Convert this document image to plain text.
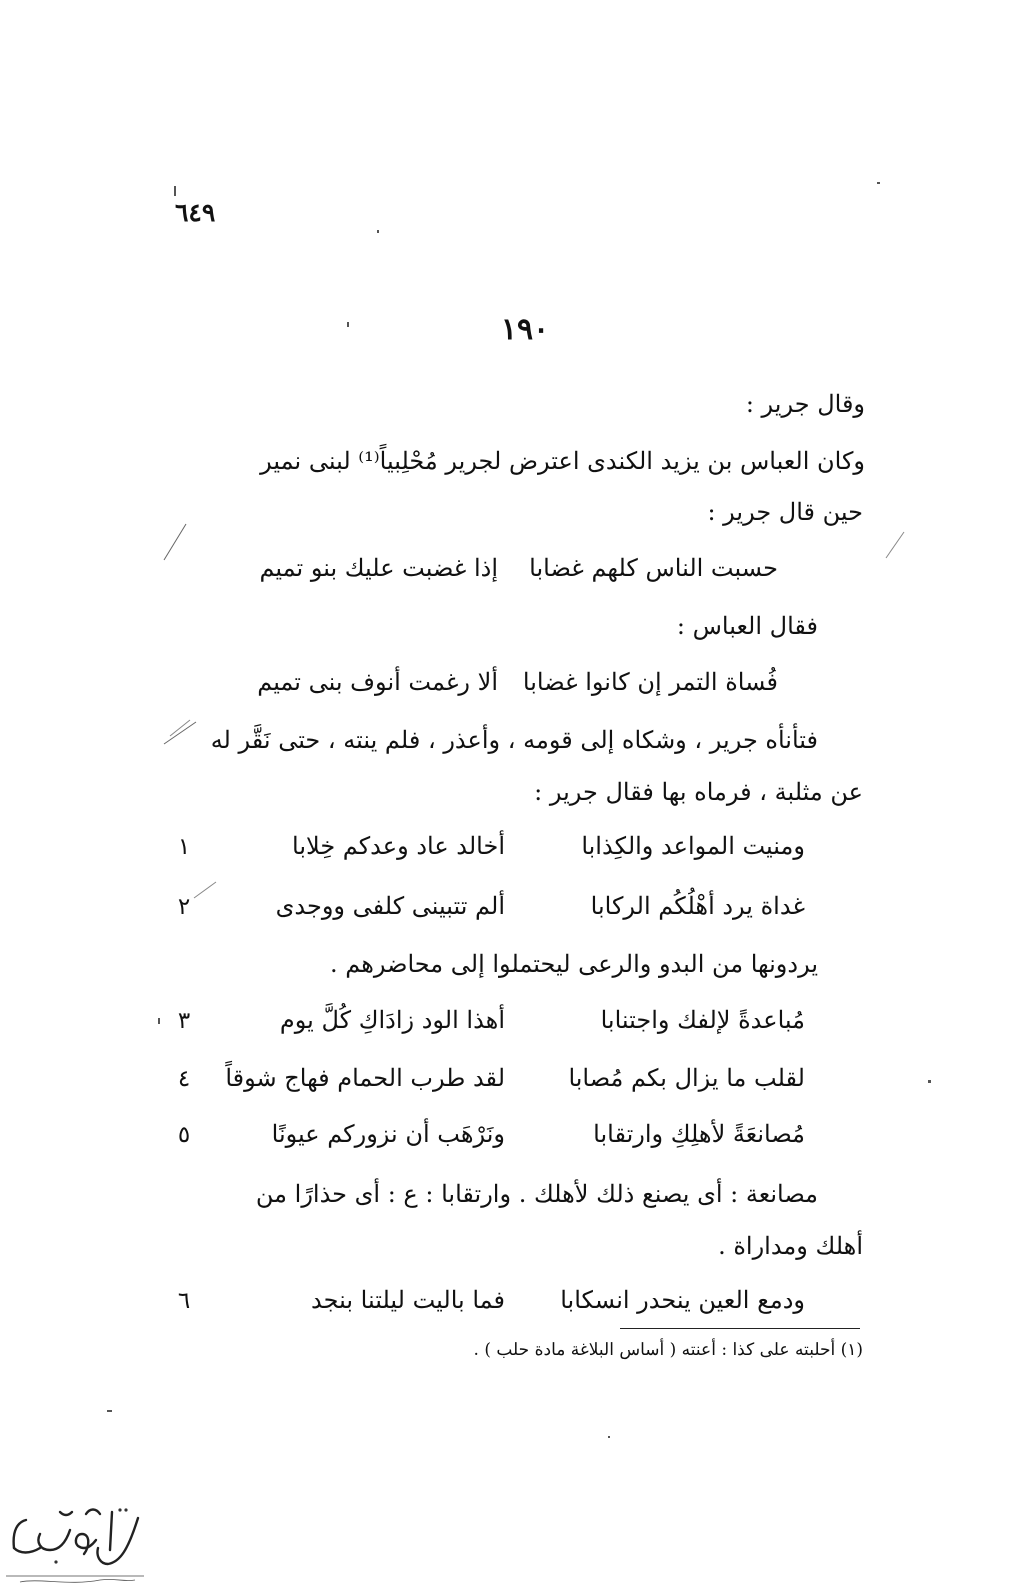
٦٤٩
١٩٠
وقال جرير :
وكان العباس بن يزيد الكندى اعترض لجرير مُحْلِبياً⁽¹⁾ لبنى نمير
حين قال جرير :
إذا غضبت عليك بنو تميم	حسبت الناس كلهم غضابا
فقال العباس :
ألا رغمت أنوف بنى تميم	فُساة التمر إن كانوا غضابا
فتأنأه جرير ، وشكاه إلى قومه ، وأعذر ، فلم ينته ، حتى نَقَّر له
عن مثلبة ، فرماه بها فقال جرير :
١	أخالد عاد وعدكم خِلابا	ومنيت المواعد والكِذابا
٢	ألم تتبينى كلفى ووجدى	غداة يرد أهْلُكُم الركابا
يردونها من البدو والرعى ليحتملوا إلى محاضرهم .
٣	أهذا الود زادَاكِ كُلَّ يوم	مُباعدةً لإلفك واجتنابا
٤	لقد طرب الحمام فهاج شوقاً	لقلب ما يزال بكم مُصابا
٥	ونَرْهَب أن نزوركم عيونًا	مُصانعَةً لأهلِكِ وارتقابا
مصانعة : أى يصنع ذلك لأهلك . وارتقابا : ع : أى حذارًا من
أهلك ومداراة .
٦	فما باليت ليلتنا بنجد	ودمع العين ينحدر انسكابا
(١) أحلبته على كذا : أعنته ( أساس البلاغة مادة حلب ) .
